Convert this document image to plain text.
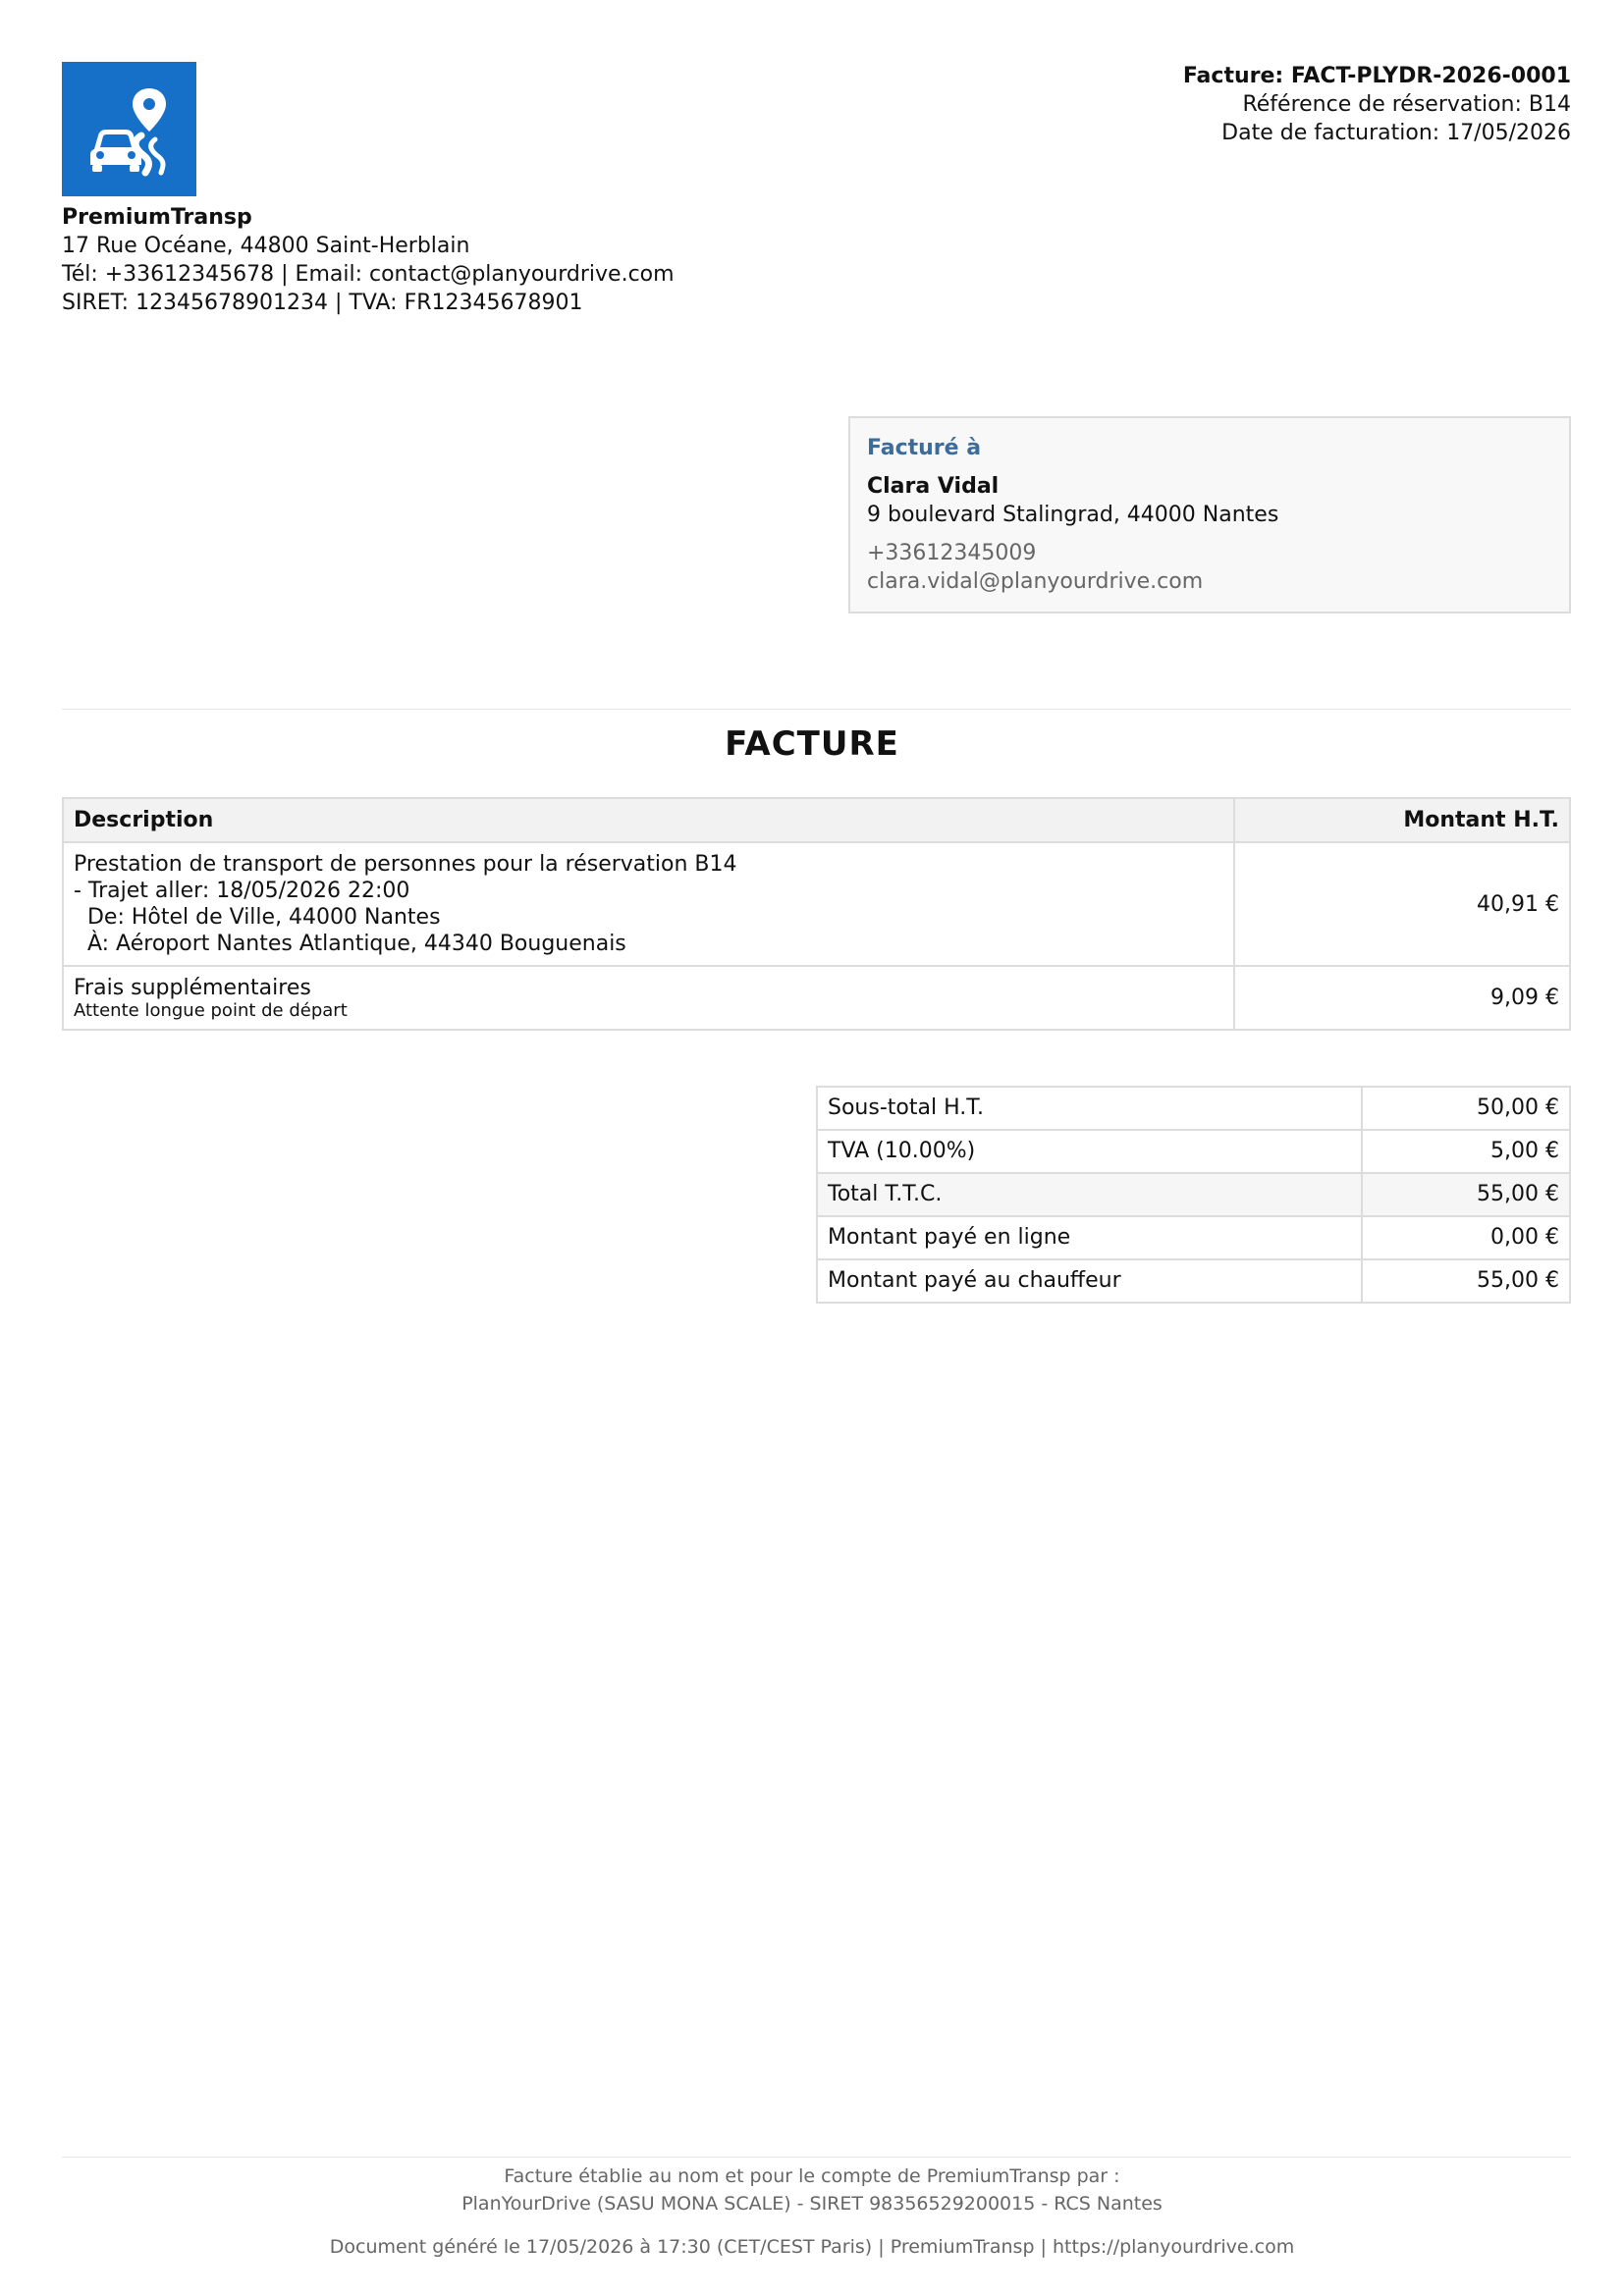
PremiumTransp
17 Rue Océane, 44800 Saint-Herblain
Tél: +33612345678 | Email: contact@planyourdrive.com
SIRET: 12345678901234 | TVA: FR12345678901
Facture: FACT-PLYDR-2026-0001
Référence de réservation: B14
Date de facturation: 17/05/2026
Facturé à
Clara Vidal
9 boulevard Stalingrad, 44000 Nantes
+33612345009
clara.vidal@planyourdrive.com
FACTURE
Description	Montant H.T.

Prestation de transport de personnes pour la réservation B14
- Trajet aller: 18/05/2026 22:00
De: Hôtel de Ville, 44000 Nantes
À: Aéroport Nantes Atlantique, 44340 Bouguenais	40,91 €

Frais supplémentaires
Attente longue point de départ	9,09 €
Sous-total H.T.	50,00 €
TVA (10.00%)	5,00 €
Total T.T.C.	55,00 €
Montant payé en ligne	0,00 €
Montant payé au chauffeur	55,00 €
Facture établie au nom et pour le compte de PremiumTransp par :
PlanYourDrive (SASU MONA SCALE) - SIRET 98356529200015 - RCS Nantes
Document généré le 17/05/2026 à 17:30 (CET/CEST Paris) | PremiumTransp | https://planyourdrive.com
